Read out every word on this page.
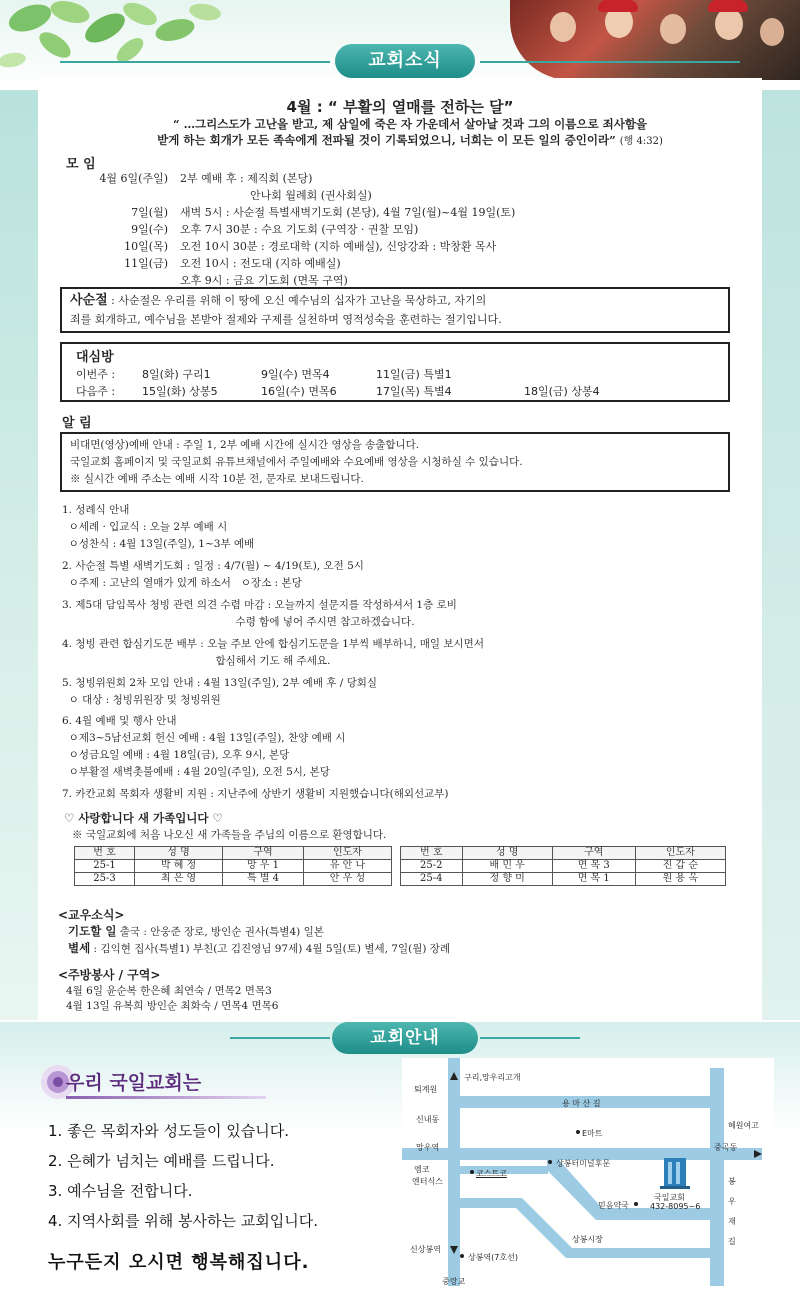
교회소식
4월 : “ 부활의 열매를 전하는 달”
“ …그리스도가 고난을 받고, 제 삼일에 죽은 자 가운데서 살아날 것과 그의 이름으로 죄사함을
받게 하는 회개가 모든 족속에게 전파될 것이 기록되었으니, 너희는 이 모든 일의 증인이라” (행 4:32)
모 임
4월 6일(주일) 2부 예배 후 : 제직회 (본당)
안나회 월례회 (권사회실)
7일(월) 새벽 5시 : 사순절 특별새벽기도회 (본당), 4월 7일(월)~4월 19일(토)
9일(수) 오후 7시 30분 : 수요 기도회 (구역장 · 권찰 모임)
10일(목) 오전 10시 30분 : 경로대학 (지하 예배실), 신앙강좌 : 박창환 목사
11일(금) 오전 10시 : 전도대 (지하 예배실)
오후 9시 : 금요 기도회 (면목 구역)

사순절 : 사순절은 우리를 위해 이 땅에 오신 예수님의 십자가 고난을 묵상하고, 자기의

죄를 회개하고, 예수님을 본받아 절제와 구제를 실천하며 영적성숙을 훈련하는 절기입니다.

대심방
이번주 : 8일(화) 구리1	9일(수) 면목4	11일(금) 특별1
다음주 : 15일(화) 상봉5	16일(수) 면목6	17일(목) 특별4	18일(금) 상봉4
알 림

비대면(영상)예배 안내 : 주일 1, 2부 예배 시간에 실시간 영상을 송출합니다.

국일교회 홈페이지 및 국일교회 유튜브채널에서 주일예배와 수요예배 영상을 시청하실 수 있습니다.

※ 실시간 예배 주소는 예배 시작 10분 전, 문자로 보내드립니다.

1. 성례식 안내
ㅇ세례 · 입교식 : 오늘 2부 예배 시
ㅇ성찬식 : 4월 13일(주일), 1~3부 예배
2. 사순절 특별 새벽기도회 : 일정 : 4/7(월) ~ 4/19(토), 오전 5시
ㅇ주제 : 고난의 열매가 있게 하소서   ㅇ장소 : 본당
3. 제5대 담임목사 청빙 관련 의견 수렴 마감 : 오늘까지 설문지를 작성하셔서 1층 로비
수령 함에 넣어 주시면 참고하겠습니다.
4. 청빙 관련 합심기도문 배부 : 오늘 주보 안에 합심기도문을 1부씩 배부하니, 매일 보시면서
합심해서 기도 해 주세요.
5. 청빙위원회 2차 모임 안내 : 4월 13일(주일), 2부 예배 후 / 당회실
ㅇ 대상 : 청빙위원장 및 청빙위원
6. 4월 예배 및 행사 안내
ㅇ제3~5남선교회 헌신 예배 : 4월 13일(주일), 찬양 예배 시
ㅇ성금요일 예배 : 4월 18일(금), 오후 9시, 본당
ㅇ부활절 새벽촛불예배 : 4월 20일(주일), 오전 5시, 본당
7. 카칸교회 목회자 생활비 지원 : 지난주에 상반기 생활비 지원했습니다(해외선교부)
♡ 사랑합니다 새 가족입니다 ♡
※ 국일교회에 처음 나오신 새 가족들을 주님의 이름으로 환영합니다.
번 호	성 명	구역	인도자
25-1	박 혜 정	망 우 1	유 안 나
25-3	최 은 영	특 별 4	안 우 성
번 호	성 명	구역	인도자
25-2	배 민 우	면 목 3	진 갑 순
25-4	정 향 미	면 목 1	원 용 옥
<교우소식>
기도할 일 출국 : 안웅준 장로, 방인순 권사(특별4) 일본
별세 : 김익현 집사(특별1) 부친(고 김진영님 97세) 4월 5일(토) 별세, 7일(월) 장례
<주방봉사 / 구역>
4월 6일 윤순복 한은혜 최연숙 / 면목2 면목3
4월 13일 유복희 방인순 최화숙 / 면목4 면목6
교회안내
우리 국일교회는
1. 좋은 목회자와 성도들이 있습니다.
2. 은혜가 넘치는 예배를 드립니다.
3. 예수님을 전합니다.
4. 지역사회를 위해 봉사하는 교회입니다.
누구든지 오시면 행복해집니다.
구리,망우리고개
퇴계원
용 마 산 길
신내동
혜원여고
E마트
망우역	중곡동
엠코
엔터식스
코스트코
상봉터미널후문
국일교회
432-8095~6
믿음약국
봉
우
재
길
상봉시장
신상봉역
상봉역(7호선)
중랑교
